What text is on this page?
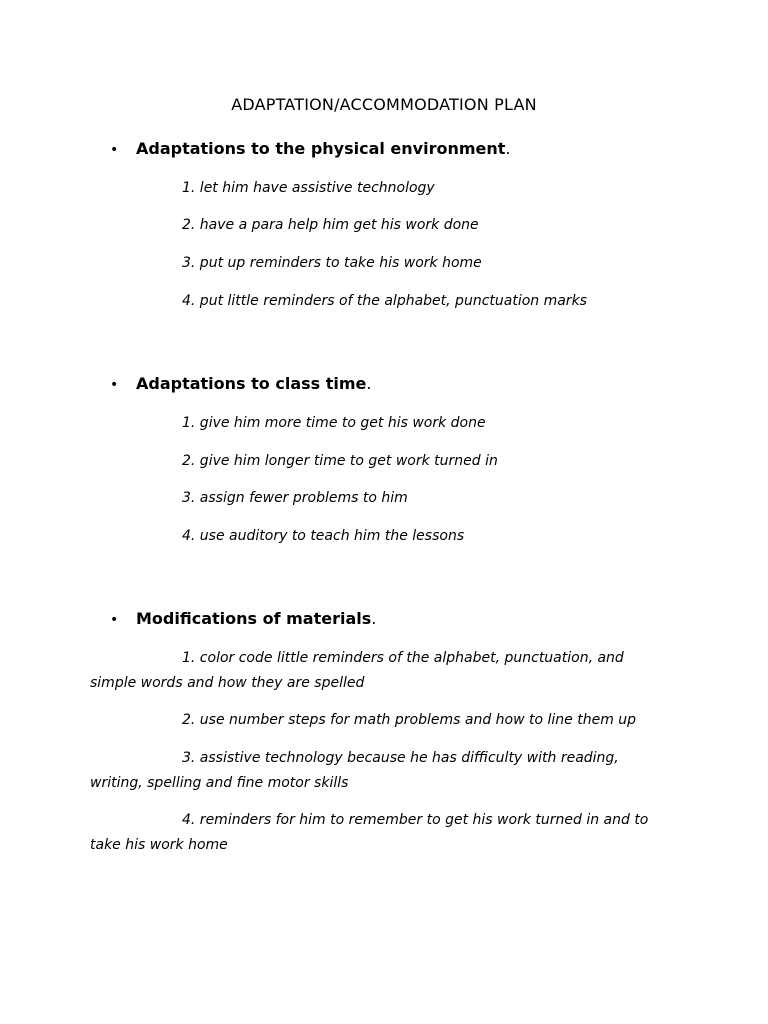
ADAPTATION/ACCOMMODATION PLAN
• Adaptations to the physical environment.
1. let him have assistive technology
2. have a para help him get his work done
3. put up reminders to take his work home
4. put little reminders of the alphabet, punctuation marks
• Adaptations to class time.
1. give him more time to get his work done
2. give him longer time to get work turned in
3. assign fewer problems to him
4. use auditory to teach him the lessons
• Modifications of materials.
1. color code little reminders of the alphabet, punctuation, and simple words and how they are spelled
2. use number steps for math problems and how to line them up
3. assistive technology because he has difficulty with reading, writing, spelling and fine motor skills
4. reminders for him to remember to get his work turned in and to take his work home
